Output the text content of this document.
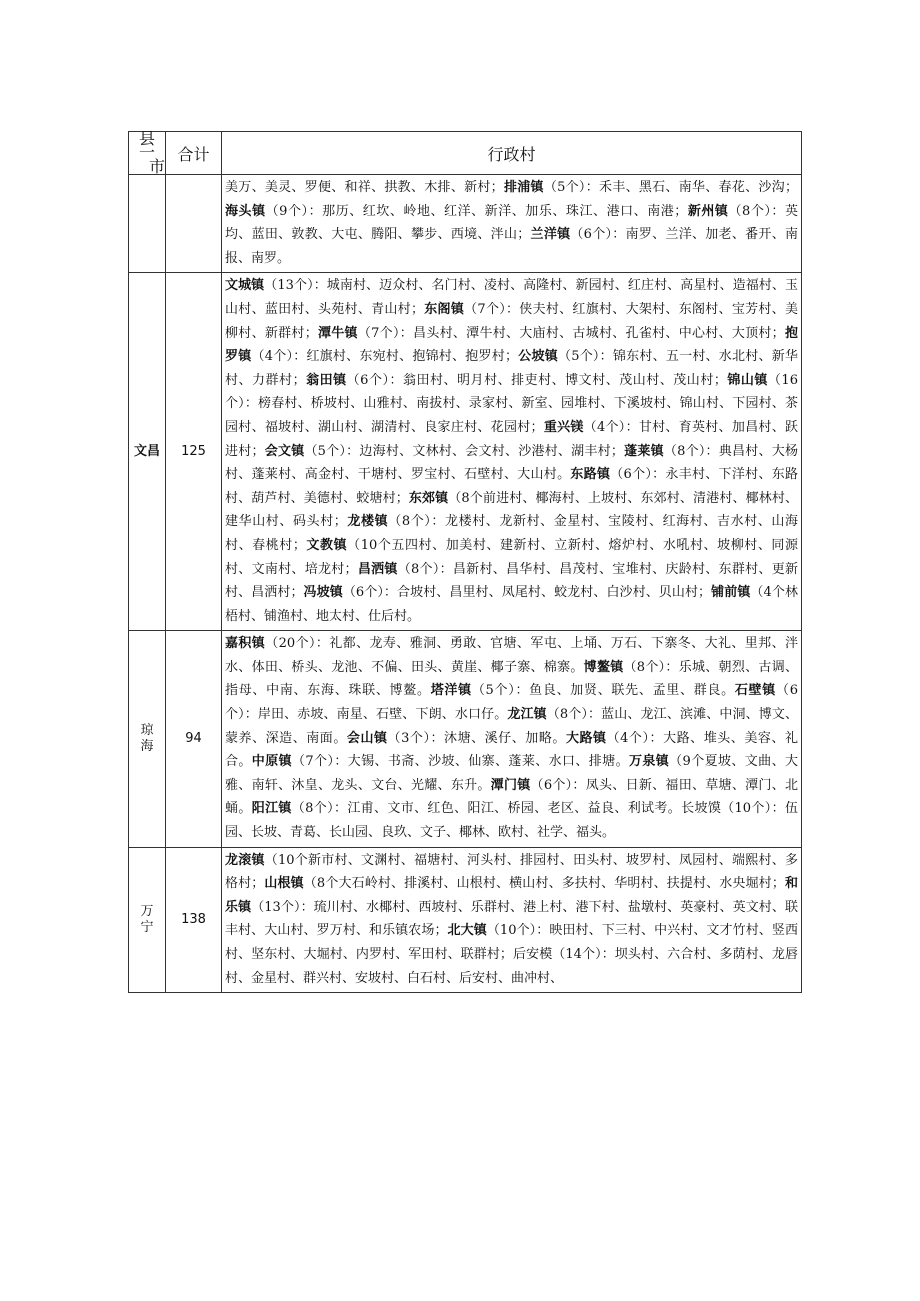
县
一
市	合计	行政村
		美万、美灵、罗便、和祥、拱教、木排、新村；排浦镇（5个）：禾丰、黑石、南华、春花、沙沟；海头镇（9个）：那历、红坎、岭地、红洋、新洋、加乐、珠江、港口、南港；新州镇（8个）：英均、蓝田、敦教、大屯、腾阳、攀步、西境、泮山；兰洋镇（6个）：南罗、兰洋、加老、番开、南报、南罗。
文昌	125	文城镇（13个）：城南村、迈众村、名门村、凌村、高隆村、新园村、红庄村、高星村、造福村、玉山村、蓝田村、头苑村、青山村；东阁镇（7个）：侠夫村、红旗村、大架村、东阁村、宝芳村、美柳村、新群村；潭牛镇（7个）：昌头村、潭牛村、大庙村、古城村、孔雀村、中心村、大顶村；抱罗镇（4个）：红旗村、东宛村、抱锦村、抱罗村；公坡镇（5个）：锦东村、五一村、水北村、新华村、力群村；翁田镇（6个）：翁田村、明月村、排吏村、博文村、茂山村、茂山村；锦山镇（16个）：榜春村、桥坡村、山雅村、南拔村、录家村、新室、园堆村、下溪坡村、锦山村、下园村、茶园村、福坡村、湖山村、湖清村、良家庄村、花园村；重兴镁（4个）：甘村、育英村、加昌村、跃进村；会文镇（5个）：边海村、文林村、会文村、沙港村、湖丰村；蓬莱镇（8个）：典昌村、大杨村、蓬莱村、高金村、干塘村、罗宝村、石壁村、大山村。东路镇（6个）：永丰村、下洋村、东路村、葫芦村、美德村、蛟塘村；东郊镇（8个前进村、椰海村、上坡村、东郊村、清港村、椰林村、建华山村、码头村；龙楼镇（8个）：龙楼村、龙新村、金星村、宝陵村、红海村、吉水村、山海村、春桃村；文教镇（10个五四村、加美村、建新村、立新村、熔炉村、水吼村、坡柳村、同源村、文南村、培龙村；昌洒镇（8个）：昌新村、昌华村、昌茂村、宝堆村、庆龄村、东群村、更新村、昌洒村；冯坡镇（6个）：合坡村、昌里村、凤尾村、蛟龙村、白沙村、贝山村；铺前镇（4个林梧村、铺渔村、地太村、仕后村。
琼海	94	嘉积镇（20个）：礼都、龙寿、雅洞、勇敢、官塘、军屯、上埇、万石、下寨冬、大礼、里邦、泮水、体田、桥头、龙池、不偏、田头、黄崖、椰子寨、棉寨。博鳌镇（8个）：乐城、朝烈、古调、指母、中南、东海、珠联、博鳌。塔洋镇（5个）：鱼良、加贤、联先、孟里、群良。石壁镇（6个）：岸田、赤坡、南星、石壁、下朗、水口仔。龙江镇（8个）：蓝山、龙江、滨滩、中洞、博文、蒙养、深造、南面。会山镇（3个）：沐塘、溪仔、加略。大路镇（4个）：大路、堆头、美容、礼合。中原镇（7个）：大锡、书斋、沙坡、仙寨、蓬莱、水口、排塘。万泉镇（9个夏坡、文曲、大雅、南轩、沐皇、龙头、文台、光耀、东升。潭门镇（6个）：凤头、日新、福田、草塘、潭门、北蛹。阳江镇（8个）：江甫、文市、红色、阳江、桥园、老区、益良、利试考。长坡馍（10个）：伍园、长坡、青葛、长山园、良玖、文子、椰林、欧村、社学、福头。
万宁	138	龙滚镇（10个新市村、文渊村、福塘村、河头村、排园村、田头村、坡罗村、凤园村、端熙村、多格村；山根镇（8个大石岭村、排溪村、山根村、横山村、多扶村、华明村、扶提村、水央堀村；和乐镇（13个）：琉川村、水椰村、西坡村、乐群村、港上村、港下村、盐墩村、英豪村、英文村、联丰村、大山村、罗万村、和乐镇农场；北大镇（10个）：映田村、下三村、中兴村、文才竹村、竖西村、坚东村、大堀村、内罗村、军田村、联群村；后安模（14个）：坝头村、六合村、多荫村、龙唇村、金星村、群兴村、安坡村、白石村、后安村、曲冲村、
